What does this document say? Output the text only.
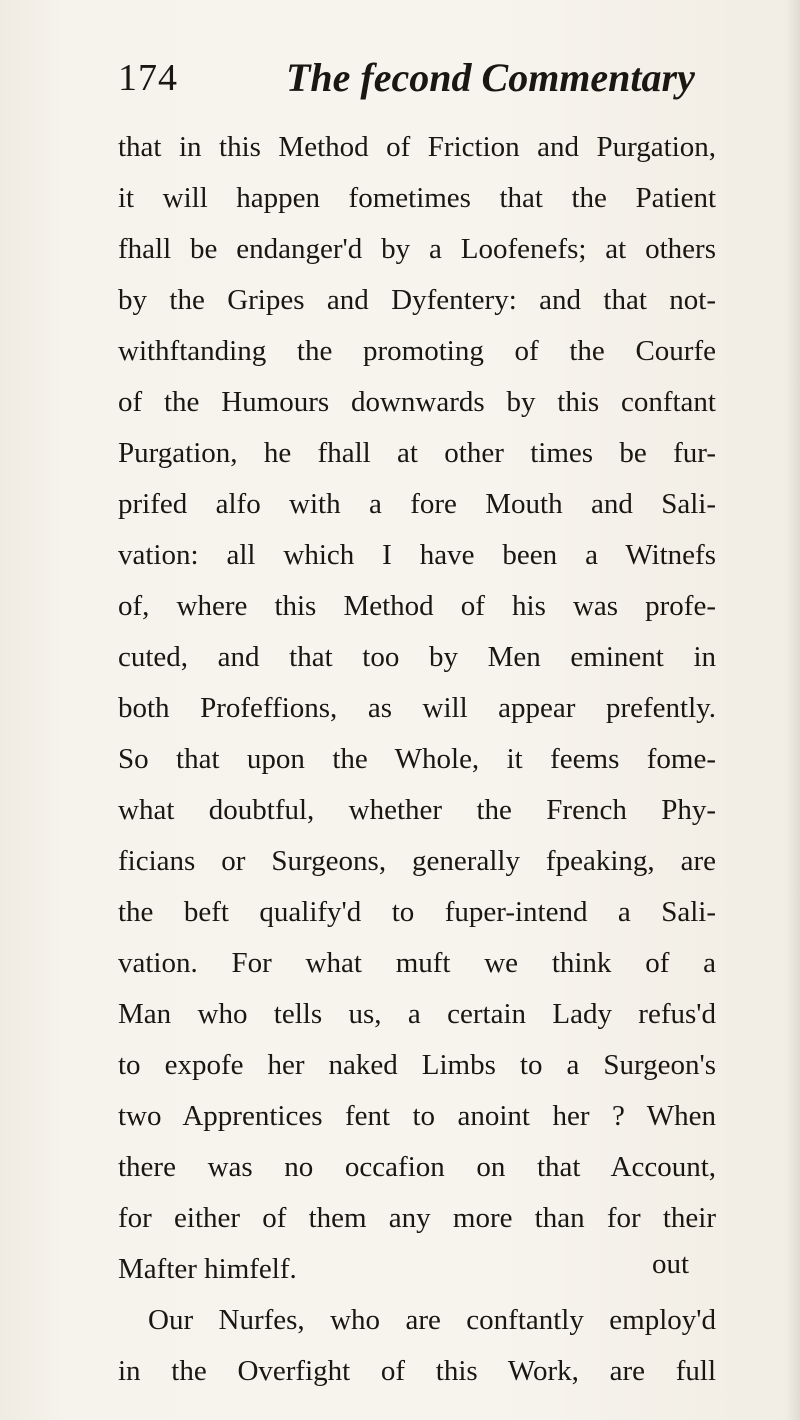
174	The fecond Commentary
that in this Method of Friction and Purgation,
it will happen fometimes that the Patient
fhall be endanger'd by a Loofenefs; at others
by the Gripes and Dyfentery: and that not-
withftanding the promoting of the Courfe
of the Humours downwards by this conftant
Purgation, he fhall at other times be fur-
prifed alfo with a fore Mouth and Sali-
vation: all which I have been a Witnefs
of, where this Method of his was profe-
cuted, and that too by Men eminent in
both Profeffions, as will appear prefently.
So that upon the Whole, it feems fome-
what doubtful, whether the French Phy-
ficians or Surgeons, generally fpeaking, are
the beft qualify'd to fuper-intend a Sali-
vation. For what muft we think of a
Man who tells us, a certain Lady refus'd
to expofe her naked Limbs to a Surgeon's
two Apprentices fent to anoint her ? When
there was no occafion on that Account,
for either of them any more than for their
Mafter himfelf.
Our Nurfes, who are conftantly employ'd
in the Overfight of this Work, are full
out
